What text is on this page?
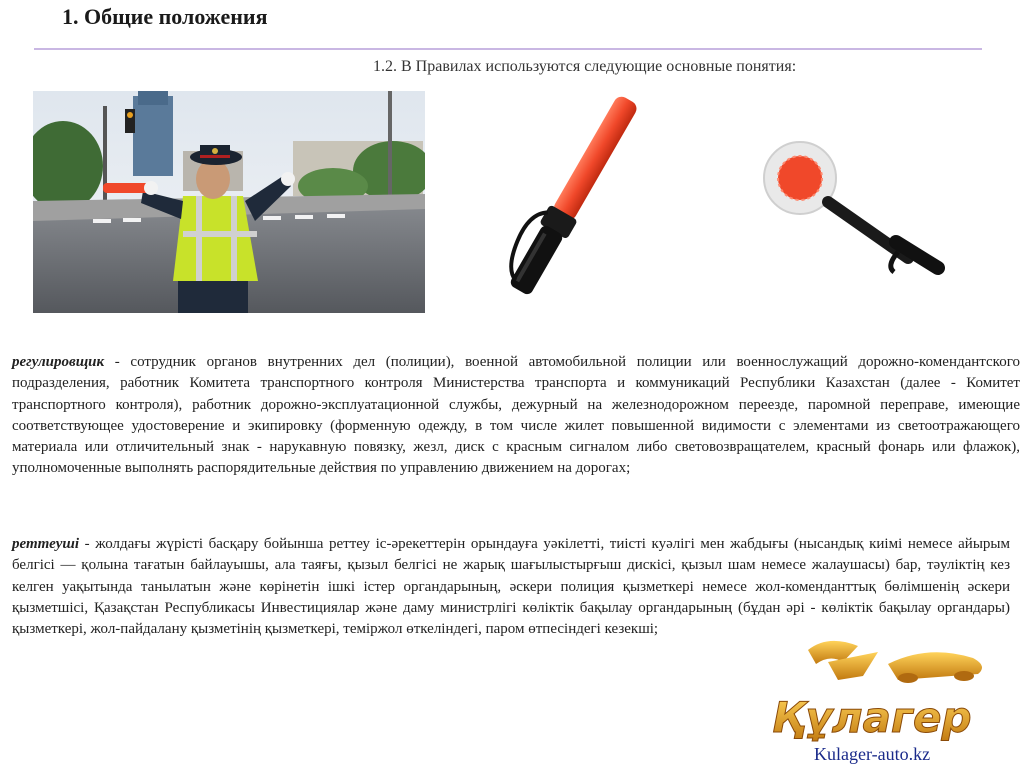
1. Общие положения
1.2. В Правилах используются следующие основные понятия:

регулировщик - сотрудник органов внутренних дел (полиции), военной автомобильной полиции или военнослужащий дорожно-комендантского подразделения, работник Комитета транспортного контроля Министерства транспорта и коммуникаций Республики Казахстан (далее - Комитет транспортного контроля), работник дорожно-эксплуатационной службы, дежурный на железнодорожном переезде, паромной переправе, имеющие соответствующее удостоверение и экипировку (форменную одежду, в том числе жилет повышенной видимости с элементами из светоотражающего материала или отличительный знак - нарукавную повязку, жезл, диск с красным сигналом либо световозвращателем, красный фонарь или флажок), уполномоченные выполнять распорядительные действия по управлению движением на дорогах;

реттеуші - жолдағы жүрісті басқару бойынша реттеу іс-әрекеттерін орындауға уәкілетті, тиісті куәлігі мен жабдығы (нысандық киімі немесе айырым белгісі — қолына тағатын байлауышы, ала таяғы, қызыл белгісі не жарық шағылыстырғыш дискісі, қызыл шам немесе жалаушасы) бар, тәуліктің кез келген уақытында танылатын және көрінетін ішкі істер органдарының, әскери полиция қызметкері немесе жол-коменданттық бөлімшенің әскери қызметшісі, Қазақстан Республикасы Инвестициялар және даму министрлігі көліктік бақылау органдарының (бұдан әрі - көліктік бақылау органдары) қызметкері, жол-пайдалану қызметінің қызметкері, теміржол өткеліндегі, паром өтпесіндегі кезекші;

Құлагер
Kulager-auto.kz
